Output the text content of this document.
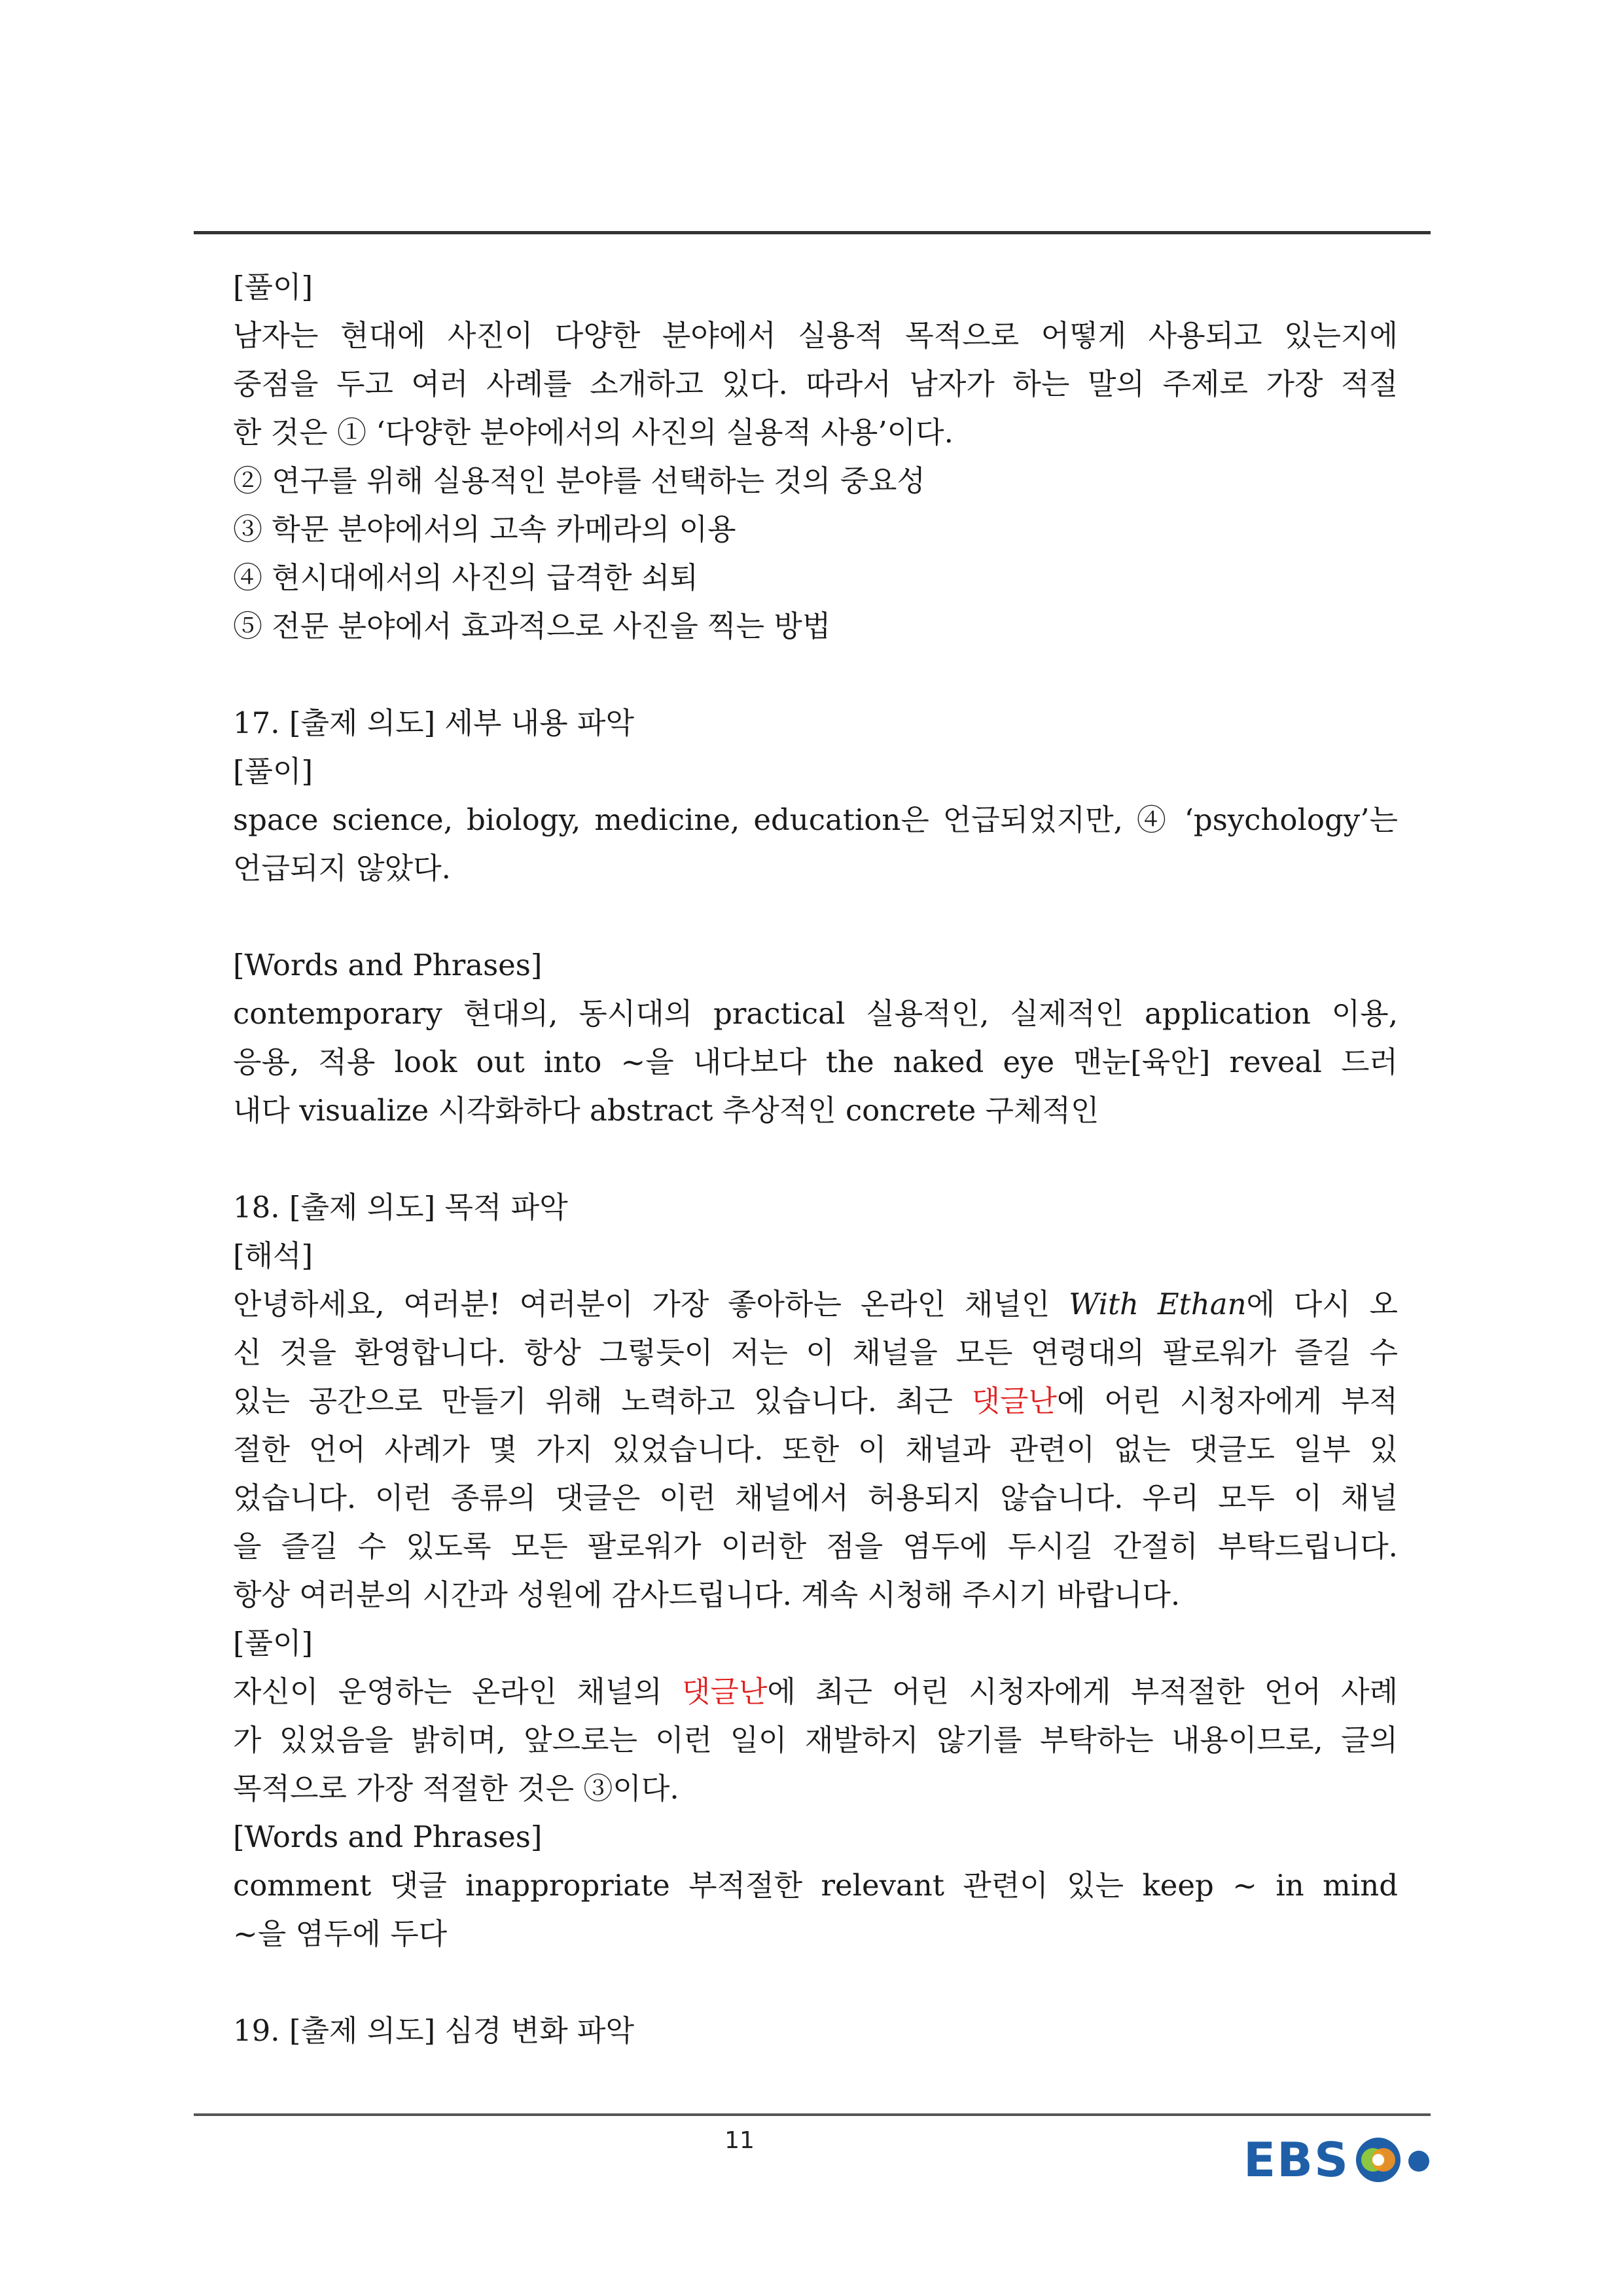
[풀이]
남자는 현대에 사진이 다양한 분야에서 실용적 목적으로 어떻게 사용되고 있는지에
중점을 두고 여러 사례를 소개하고 있다. 따라서 남자가 하는 말의 주제로 가장 적절
한 것은 ① ‘다양한 분야에서의 사진의 실용적 사용’이다.
② 연구를 위해 실용적인 분야를 선택하는 것의 중요성
③ 학문 분야에서의 고속 카메라의 이용
④ 현시대에서의 사진의 급격한 쇠퇴
⑤ 전문 분야에서 효과적으로 사진을 찍는 방법
17. [출제 의도] 세부 내용 파악
[풀이]
space science, biology, medicine, education은 언급되었지만, ④ ‘psychology’는
언급되지 않았다.
[Words and Phrases]
contemporary 현대의, 동시대의 practical 실용적인, 실제적인 application 이용,
응용, 적용 look out into ~을 내다보다 the naked eye 맨눈[육안] reveal 드러
내다 visualize 시각화하다 abstract 추상적인 concrete 구체적인
18. [출제 의도] 목적 파악
[해석]
안녕하세요, 여러분! 여러분이 가장 좋아하는 온라인 채널인 With Ethan에 다시 오
신 것을 환영합니다. 항상 그렇듯이 저는 이 채널을 모든 연령대의 팔로워가 즐길 수
있는 공간으로 만들기 위해 노력하고 있습니다. 최근 댓글난에 어린 시청자에게 부적
절한 언어 사례가 몇 가지 있었습니다. 또한 이 채널과 관련이 없는 댓글도 일부 있
었습니다. 이런 종류의 댓글은 이런 채널에서 허용되지 않습니다. 우리 모두 이 채널
을 즐길 수 있도록 모든 팔로워가 이러한 점을 염두에 두시길 간절히 부탁드립니다.
항상 여러분의 시간과 성원에 감사드립니다. 계속 시청해 주시기 바랍니다.
[풀이]
자신이 운영하는 온라인 채널의 댓글난에 최근 어린 시청자에게 부적절한 언어 사례
가 있었음을 밝히며, 앞으로는 이런 일이 재발하지 않기를 부탁하는 내용이므로, 글의
목적으로 가장 적절한 것은 ③이다.
[Words and Phrases]
comment 댓글 inappropriate 부적절한 relevant 관련이 있는 keep ~ in mind
~을 염두에 두다
19. [출제 의도] 심경 변화 파악
11	EBS
